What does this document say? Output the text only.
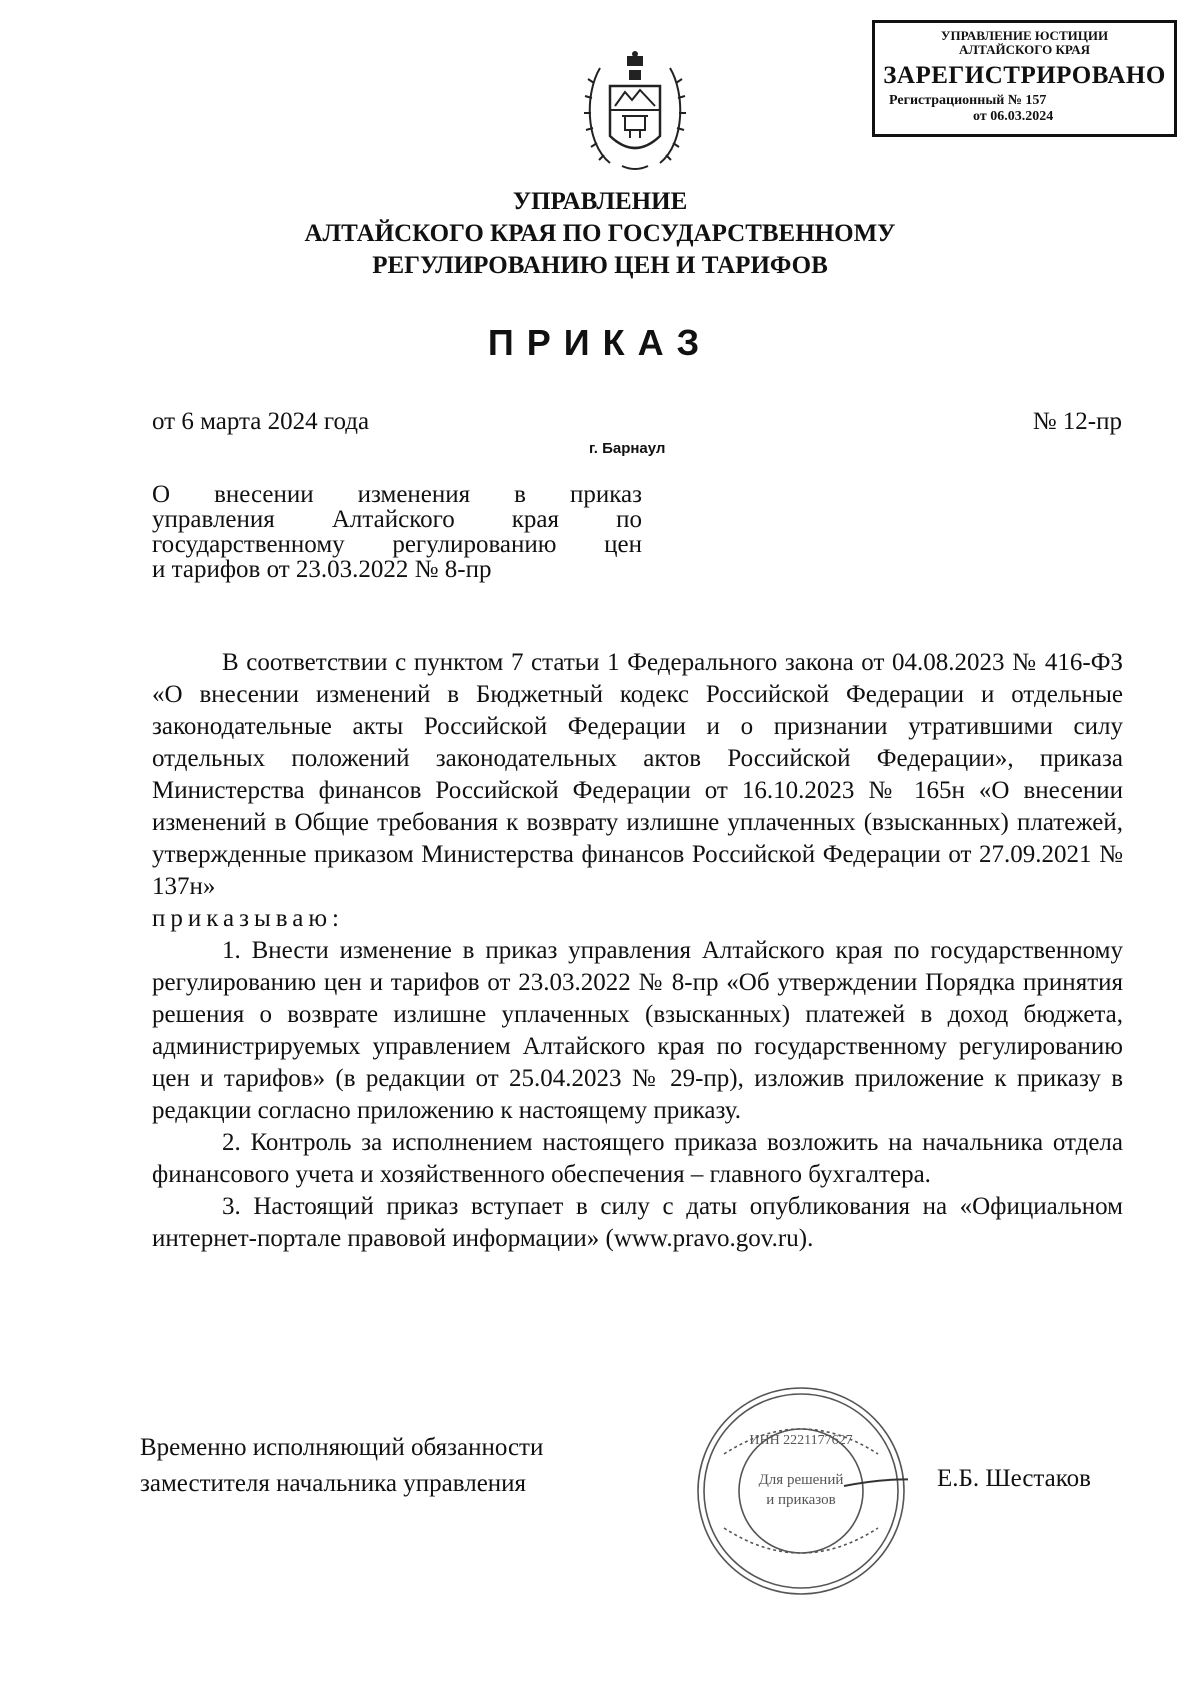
УПРАВЛЕНИЕ ЮСТИЦИИ
АЛТАЙСКОГО КРАЯ
ЗАРЕГИСТРИРОВАНО
Регистрационный № 157
от 06.03.2024
УПРАВЛЕНИЕ
АЛТАЙСКОГО КРАЯ ПО ГОСУДАРСТВЕННОМУ
РЕГУЛИРОВАНИЮ ЦЕН И ТАРИФОВ
ПРИКАЗ
от 6 марта 2024 года	№ 12-пр
г. Барнаул
О внесении изменения в приказ
управления Алтайского края по
государственному регулированию цен
и тарифов от 23.03.2022 № 8-пр

В соответствии с пунктом 7 статьи 1 Федерального закона от 04.08.2023 № 416-ФЗ «О внесении изменений в Бюджетный кодекс Российской Федерации и отдельные законодательные акты Российской Федерации и о признании утратившими силу отдельных положений законодательных актов Российской Федерации», приказа Министерства финансов Российской Федерации от 16.10.2023 № 165н «О внесении изменений в Общие требования к возврату излишне уплаченных (взысканных) платежей, утвержденные приказом Министерства финансов Российской Федерации от 27.09.2021 № 137н»

приказываю:

1. Внести изменение в приказ управления Алтайского края по государственному регулированию цен и тарифов от 23.03.2022 № 8-пр «Об утверждении Порядка принятия решения о возврате излишне уплаченных (взысканных) платежей в доход бюджета, администрируемых управлением Алтайского края по государственному регулированию цен и тарифов» (в редакции от 25.04.2023 № 29-пр), изложив приложение к приказу в редакции согласно приложению к настоящему приказу.

2. Контроль за исполнением настоящего приказа возложить на начальника отдела финансового учета и хозяйственного обеспечения – главного бухгалтера.

3. Настоящий приказ вступает в силу с даты опубликования на «Официальном интернет-портале правовой информации» (www.pravo.gov.ru).

Временно исполняющий обязанности
заместителя начальника управления	Для решений
и приказов
ИНН 2221177627
Е.Б. Шестаков
